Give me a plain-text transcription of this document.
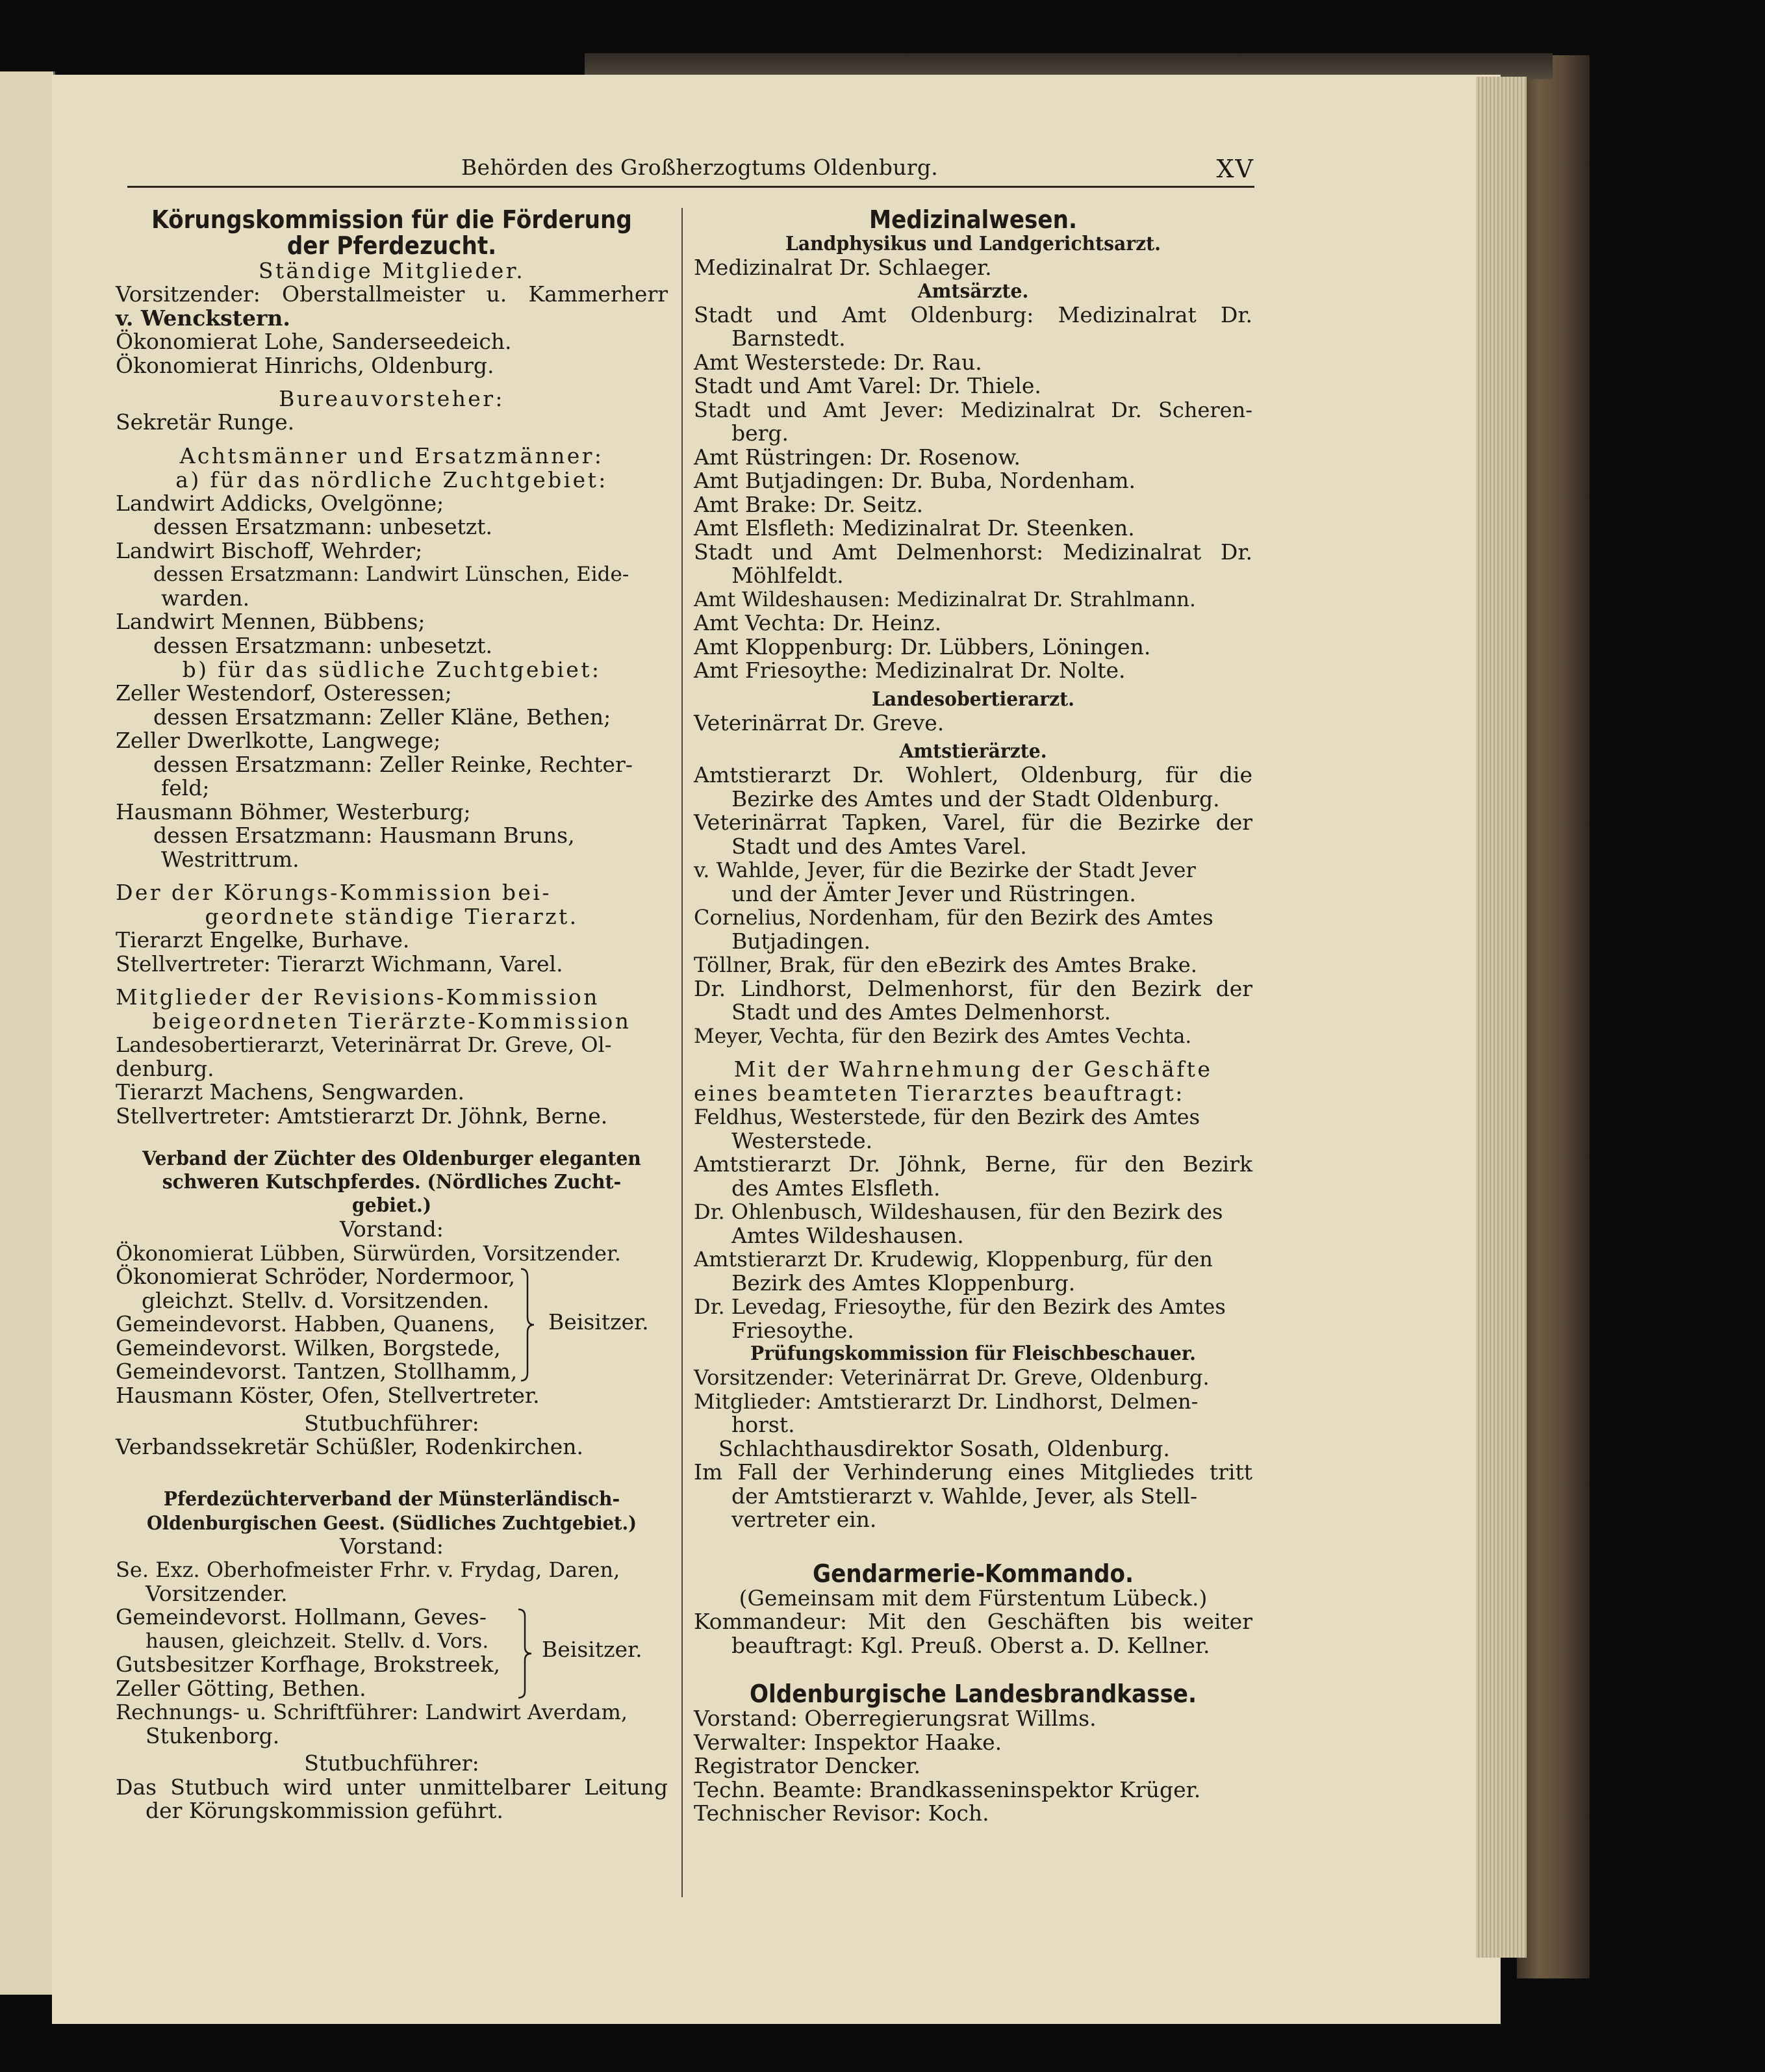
Behörden des Großherzogtums Oldenburg.	XV
Körungskommission für die Förderung
der Pferdezucht.
Ständige Mitglieder.
Vorsitzender: Oberstallmeister u. Kammerherr
v. Wenckstern.
Ökonomierat Lohe, Sanderseedeich.
Ökonomierat Hinrichs, Oldenburg.
Bureauvorsteher:
Sekretär Runge.
Achtsmänner und Ersatzmänner:
a) für das nördliche Zuchtgebiet:
Landwirt Addicks, Ovelgönne;
dessen Ersatzmann: unbesetzt.
Landwirt Bischoff, Wehrder;
dessen Ersatzmann: Landwirt Lünschen, Eide-
warden.
Landwirt Mennen, Bübbens;
dessen Ersatzmann: unbesetzt.
b) für das südliche Zuchtgebiet:
Zeller Westendorf, Osteressen;
dessen Ersatzmann: Zeller Kläne, Bethen;
Zeller Dwerlkotte, Langwege;
dessen Ersatzmann: Zeller Reinke, Rechter-
feld;
Hausmann Böhmer, Westerburg;
dessen Ersatzmann: Hausmann Bruns,
Westrittrum.
Der der Körungs-Kommission bei-
geordnete ständige Tierarzt.
Tierarzt Engelke, Burhave.
Stellvertreter: Tierarzt Wichmann, Varel.
Mitglieder der Revisions-Kommission
beigeordneten Tierärzte-Kommission
Landesobertierarzt, Veterinärrat Dr. Greve, Ol-
denburg.
Tierarzt Machens, Sengwarden.
Stellvertreter: Amtstierarzt Dr. Jöhnk, Berne.
Verband der Züchter des Oldenburger eleganten
schweren Kutschpferdes. (Nördliches Zucht-
gebiet.)
Vorstand:
Ökonomierat Lübben, Sürwürden, Vorsitzender.
Ökonomierat Schröder, Nordermoor,
gleichzt. Stellv. d. Vorsitzenden.
Gemeindevorst. Habben, Quanens,
Gemeindevorst. Wilken, Borgstede,
Gemeindevorst. Tantzen, Stollhamm,
Beisitzer.
Hausmann Köster, Ofen, Stellvertreter.
Stutbuchführer:
Verbandssekretär Schüßler, Rodenkirchen.
Pferdezüchterverband der Münsterländisch-
Oldenburgischen Geest. (Südliches Zuchtgebiet.)
Vorstand:
Se. Exz. Oberhofmeister Frhr. v. Frydag, Daren,
Vorsitzender.
Gemeindevorst. Hollmann, Geves-
hausen, gleichzeit. Stellv. d. Vors.
Gutsbesitzer Korfhage, Brokstreek,
Zeller Götting, Bethen.
Beisitzer.
Rechnungs- u. Schriftführer: Landwirt Averdam,
Stukenborg.
Stutbuchführer:
Das Stutbuch wird unter unmittelbarer Leitung
der Körungskommission geführt.
Medizinalwesen.
Landphysikus und Landgerichtsarzt.
Medizinalrat Dr. Schlaeger.
Amtsärzte.
Stadt und Amt Oldenburg: Medizinalrat Dr.
Barnstedt.
Amt Westerstede: Dr. Rau.
Stadt und Amt Varel: Dr. Thiele.
Stadt und Amt Jever: Medizinalrat Dr. Scheren-
berg.
Amt Rüstringen: Dr. Rosenow.
Amt Butjadingen: Dr. Buba, Nordenham.
Amt Brake: Dr. Seitz.
Amt Elsfleth: Medizinalrat Dr. Steenken.
Stadt und Amt Delmenhorst: Medizinalrat Dr.
Möhlfeldt.
Amt Wildeshausen: Medizinalrat Dr. Strahlmann.
Amt Vechta: Dr. Heinz.
Amt Kloppenburg: Dr. Lübbers, Löningen.
Amt Friesoythe: Medizinalrat Dr. Nolte.
Landesobertierarzt.
Veterinärrat Dr. Greve.
Amtstierärzte.
Amtstierarzt Dr. Wohlert, Oldenburg, für die
Bezirke des Amtes und der Stadt Oldenburg.
Veterinärrat Tapken, Varel, für die Bezirke der
Stadt und des Amtes Varel.
v. Wahlde, Jever, für die Bezirke der Stadt Jever
und der Ämter Jever und Rüstringen.
Cornelius, Nordenham, für den Bezirk des Amtes
Butjadingen.
Töllner, Brak, für den eBezirk des Amtes Brake.
Dr. Lindhorst, Delmenhorst, für den Bezirk der
Stadt und des Amtes Delmenhorst.
Meyer, Vechta, für den Bezirk des Amtes Vechta.
Mit der Wahrnehmung der Geschäfte
eines beamteten Tierarztes beauftragt:
Feldhus, Westerstede, für den Bezirk des Amtes
Westerstede.
Amtstierarzt Dr. Jöhnk, Berne, für den Bezirk
des Amtes Elsfleth.
Dr. Ohlenbusch, Wildeshausen, für den Bezirk des
Amtes Wildeshausen.
Amtstierarzt Dr. Krudewig, Kloppenburg, für den
Bezirk des Amtes Kloppenburg.
Dr. Levedag, Friesoythe, für den Bezirk des Amtes
Friesoythe.
Prüfungskommission für Fleischbeschauer.
Vorsitzender: Veterinärrat Dr. Greve, Oldenburg.
Mitglieder: Amtstierarzt Dr. Lindhorst, Delmen-
horst.
Schlachthausdirektor Sosath, Oldenburg.
Im Fall der Verhinderung eines Mitgliedes tritt
der Amtstierarzt v. Wahlde, Jever, als Stell-
vertreter ein.
Gendarmerie-Kommando.
(Gemeinsam mit dem Fürstentum Lübeck.)
Kommandeur: Mit den Geschäften bis weiter
beauftragt: Kgl. Preuß. Oberst a. D. Kellner.
Oldenburgische Landesbrandkasse.
Vorstand: Oberregierungsrat Willms.
Verwalter: Inspektor Haake.
Registrator Dencker.
Techn. Beamte: Brandkasseninspektor Krüger.
Technischer Revisor: Koch.
